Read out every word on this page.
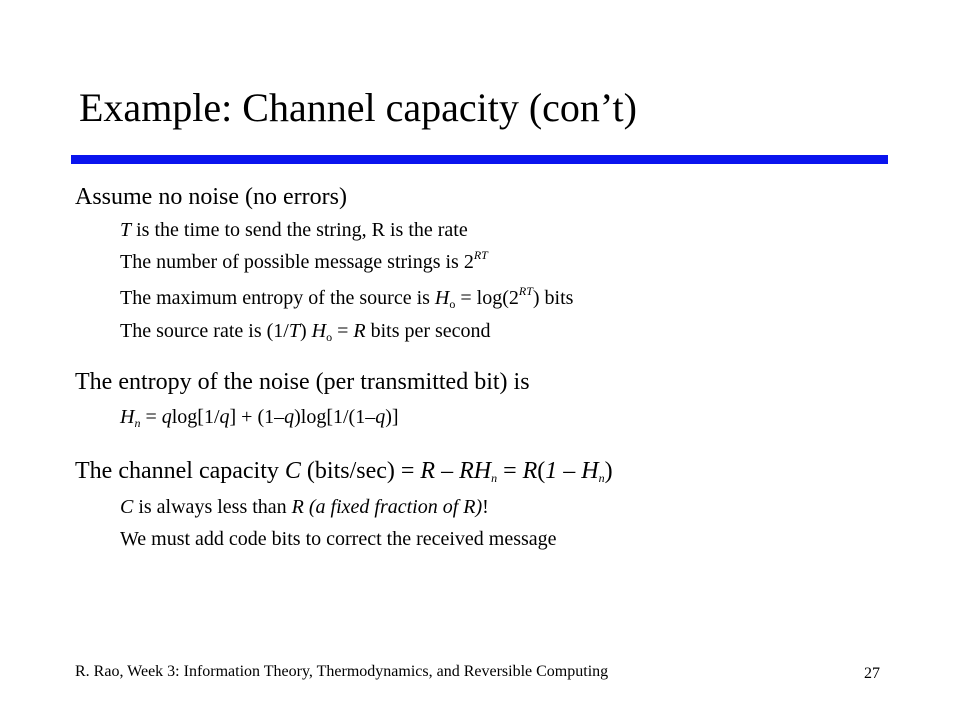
Example: Channel capacity (con’t)
Assume no noise (no errors)
T is the time to send the string, R is the rate
The number of possible message strings is $2^{RT}$
The maximum entropy of the source is $H_o = \log(2^{RT})$ bits
The source rate is (1/T) $H_o = R$ bits per second
The entropy of the noise (per transmitted bit) is
$H_n = qlog[1/q] + (1-q)\log[1/(1-q)]$
The channel capacity C (bits/sec) = $R - RH_n = R(1 - H_n)$
C is always less than R (a fixed fraction of R)!
We must add code bits to correct the received message
R. Rao, Week 3: Information Theory, Thermodynamics, and Reversible Computing	27
